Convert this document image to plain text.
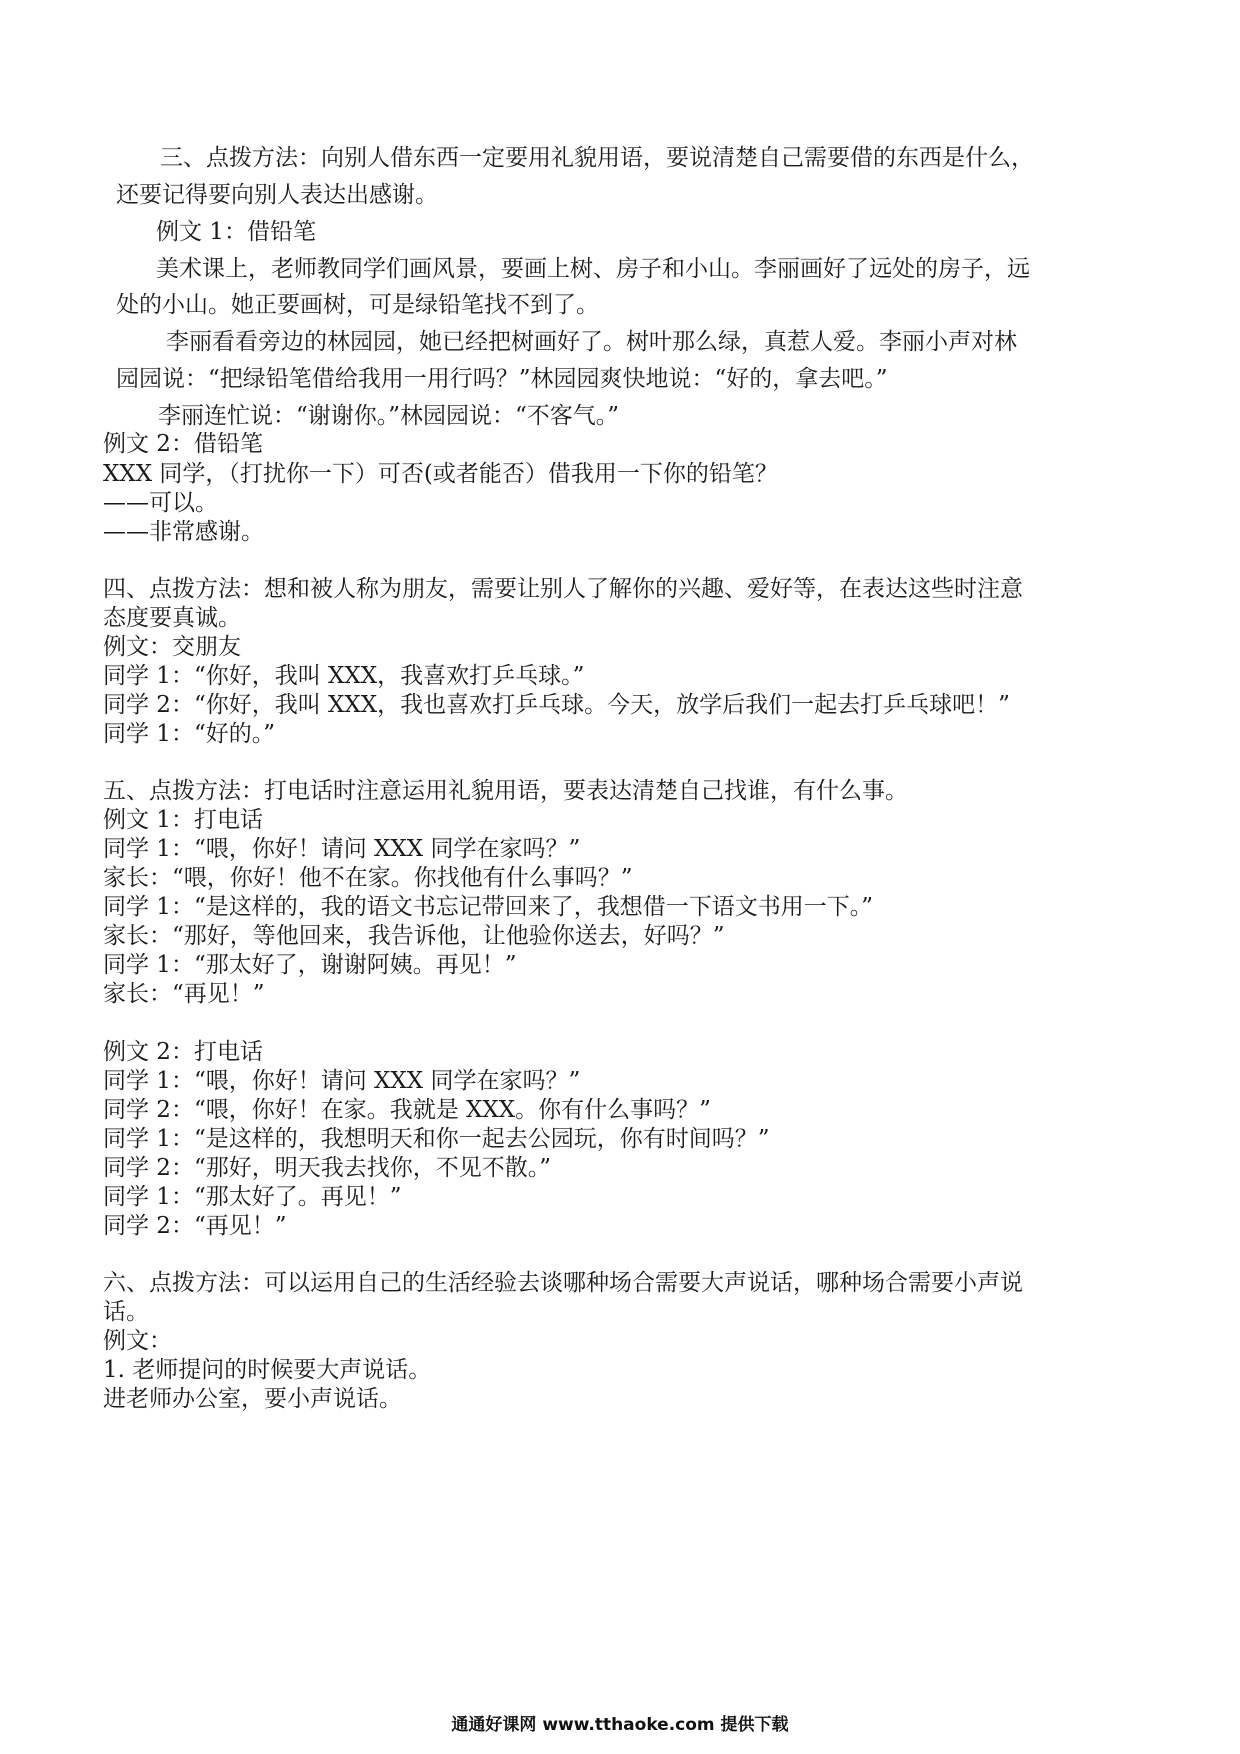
三、点拨方法：向别人借东西一定要用礼貌用语，要说清楚自己需要借的东西是什么，
还要记得要向别人表达出感谢。
例文 1：借铅笔
美术课上，老师教同学们画风景，要画上树、房子和小山。李丽画好了远处的房子，远
处的小山。她正要画树，可是绿铅笔找不到了。
李丽看看旁边的林园园，她已经把树画好了。树叶那么绿，真惹人爱。李丽小声对林
园园说：“把绿铅笔借给我用一用行吗？”林园园爽快地说：“好的，拿去吧。”
李丽连忙说：“谢谢你。”林园园说：“不客气。”
例文 2：借铅笔
XXX 同学，（打扰你一下）可否(或者能否）借我用一下你的铅笔？
——可以。
——非常感谢。
四、点拨方法：想和被人称为朋友，需要让别人了解你的兴趣、爱好等，在表达这些时注意
态度要真诚。
例文：交朋友
同学 1：“你好，我叫 XXX，我喜欢打乒乓球。”
同学 2：“你好，我叫 XXX，我也喜欢打乒乓球。今天，放学后我们一起去打乒乓球吧！”
同学 1：“好的。”
五、点拨方法：打电话时注意运用礼貌用语，要表达清楚自己找谁，有什么事。
例文 1：打电话
同学 1：“喂，你好！请问 XXX 同学在家吗？”
家长：“喂，你好！他不在家。你找他有什么事吗？”
同学 1：“是这样的，我的语文书忘记带回来了，我想借一下语文书用一下。”
家长：“那好，等他回来，我告诉他，让他验你送去，好吗？”
同学 1：“那太好了，谢谢阿姨。再见！”
家长：“再见！”
例文 2：打电话
同学 1：“喂，你好！请问 XXX 同学在家吗？”
同学 2：“喂，你好！在家。我就是 XXX。你有什么事吗？”
同学 1：“是这样的，我想明天和你一起去公园玩，你有时间吗？”
同学 2：“那好，明天我去找你，不见不散。”
同学 1：“那太好了。再见！”
同学 2：“再见！”
六、点拨方法：可以运用自己的生活经验去谈哪种场合需要大声说话，哪种场合需要小声说
话。
例文：
1. 老师提问的时候要大声说话。
进老师办公室，要小声说话。
通通好课网 www.tthaoke.com 提供下载
